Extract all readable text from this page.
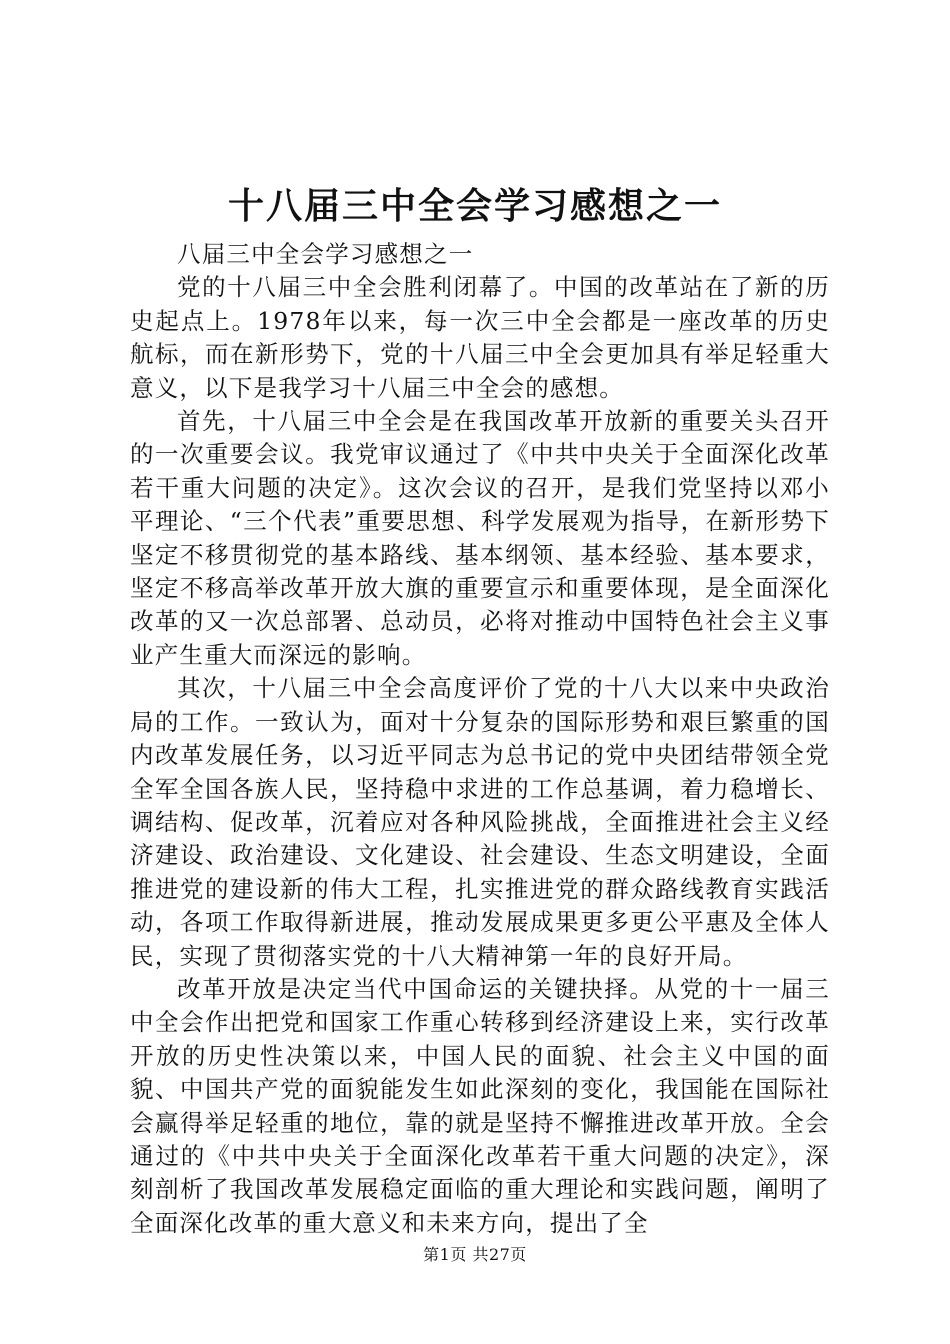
十八届三中全会学习感想之一

八届三中全会学习感想之一

党的十八届三中全会胜利闭幕了。中国的改革站在了新的历史起点上。1978年以来，每一次三中全会都是一座改革的历史航标，而在新形势下，党的十八届三中全会更加具有举足轻重大意义，以下是我学习十八届三中全会的感想。

首先，十八届三中全会是在我国改革开放新的重要关头召开的一次重要会议。我党审议通过了《中共中央关于全面深化改革若干重大问题的决定》。这次会议的召开，是我们党坚持以邓小平理论、“三个代表”重要思想、科学发展观为指导，在新形势下坚定不移贯彻党的基本路线、基本纲领、基本经验、基本要求，坚定不移高举改革开放大旗的重要宣示和重要体现，是全面深化改革的又一次总部署、总动员，必将对推动中国特色社会主义事业产生重大而深远的影响。

其次，十八届三中全会高度评价了党的十八大以来中央政治局的工作。一致认为，面对十分复杂的国际形势和艰巨繁重的国内改革发展任务，以习近平同志为总书记的党中央团结带领全党全军全国各族人民，坚持稳中求进的工作总基调，着力稳增长、调结构、促改革，沉着应对各种风险挑战，全面推进社会主义经济建设、政治建设、文化建设、社会建设、生态文明建设，全面推进党的建设新的伟大工程，扎实推进党的群众路线教育实践活动，各项工作取得新进展，推动发展成果更多更公平惠及全体人民，实现了贯彻落实党的十八大精神第一年的良好开局。

改革开放是决定当代中国命运的关键抉择。从党的十一届三中全会作出把党和国家工作重心转移到经济建设上来，实行改革开放的历史性决策以来，中国人民的面貌、社会主义中国的面貌、中国共产党的面貌能发生如此深刻的变化，我国能在国际社会赢得举足轻重的地位，靠的就是坚持不懈推进改革开放。全会通过的《中共中央关于全面深化改革若干重大问题的决定》，深刻剖析了我国改革发展稳定面临的重大理论和实践问题，阐明了全面深化改革的重大意义和未来方向，提出了全

第1页 共27页
